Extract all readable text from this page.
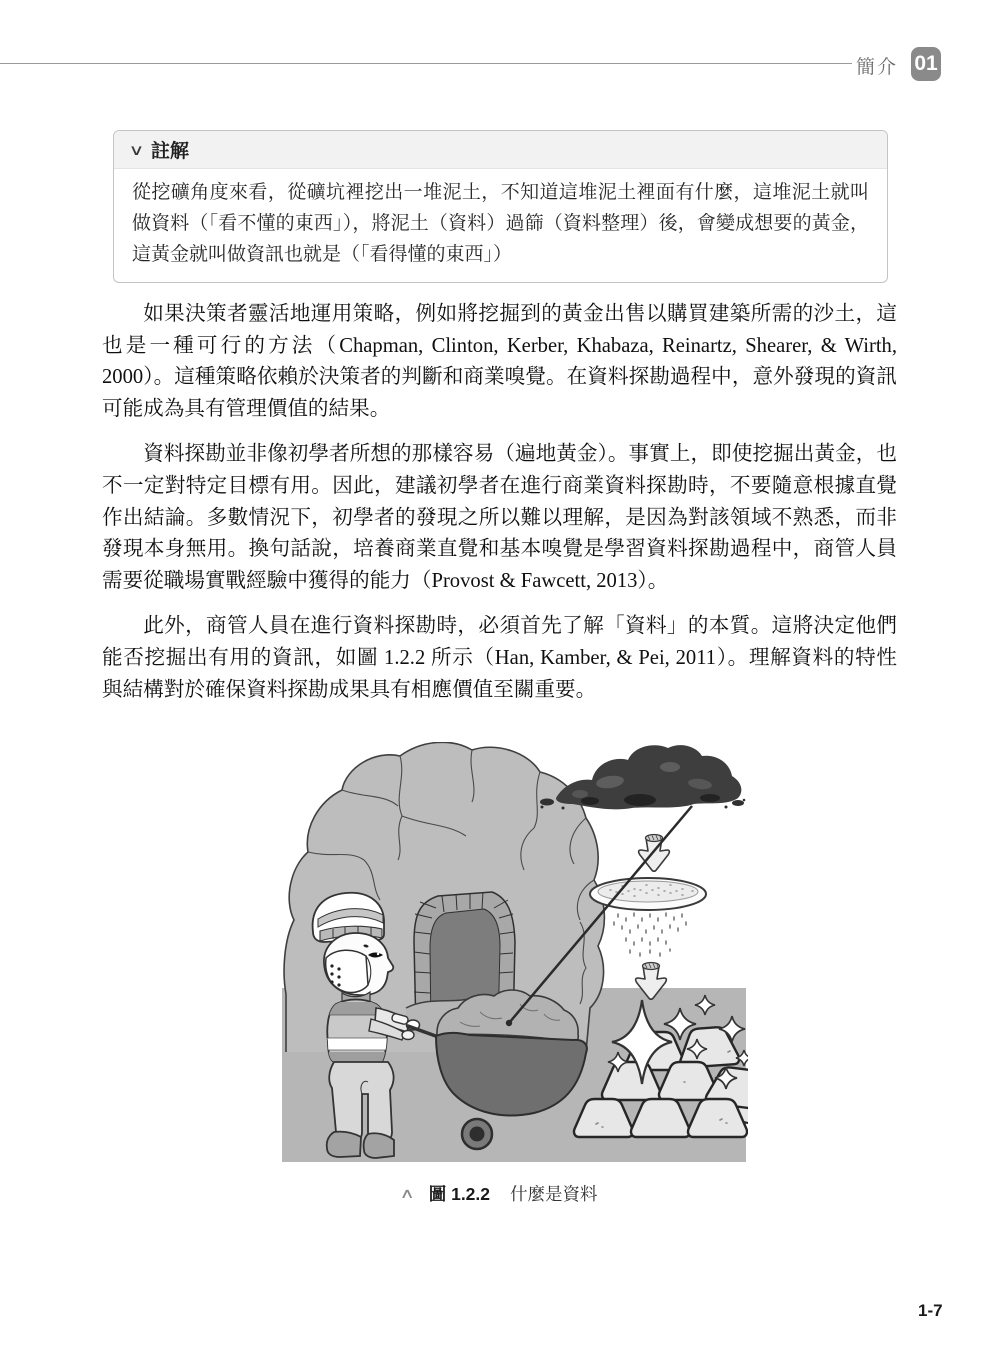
簡介 01
∨ 註解
從挖礦角度來看，從礦坑裡挖出一堆泥土，不知道這堆泥土裡面有什麼，這堆泥土就叫做資料（「看不懂的東西」），將泥土（資料）過篩（資料整理）後，會變成想要的黃金，這黃金就叫做資訊也就是（「看得懂的東西」）

如果決策者靈活地運用策略，例如將挖掘到的黃金出售以購買建築所需的沙土，這也是一種可行的方法（Chapman, Clinton, Kerber, Khabaza, Reinartz, Shearer, & Wirth, 2000）。這種策略依賴於決策者的判斷和商業嗅覺。在資料探勘過程中，意外發現的資訊可能成為具有管理價值的結果。

資料探勘並非像初學者所想的那樣容易（遍地黃金）。事實上，即使挖掘出黃金，也不一定對特定目標有用。因此，建議初學者在進行商業資料探勘時，不要隨意根據直覺作出結論。多數情況下，初學者的發現之所以難以理解，是因為對該領域不熟悉，而非發現本身無用。換句話說，培養商業直覺和基本嗅覺是學習資料探勘過程中，商管人員需要從職場實戰經驗中獲得的能力（Provost & Fawcett, 2013）。

此外，商管人員在進行資料探勘時，必須首先了解「資料」的本質。這將決定他們能否挖掘出有用的資訊，如圖 1.2.2 所示（Han, Kamber, & Pei, 2011）。理解資料的特性與結構對於確保資料探勘成果具有相應價值至關重要。

∧ 圖 1.2.2 什麼是資料
1-7
